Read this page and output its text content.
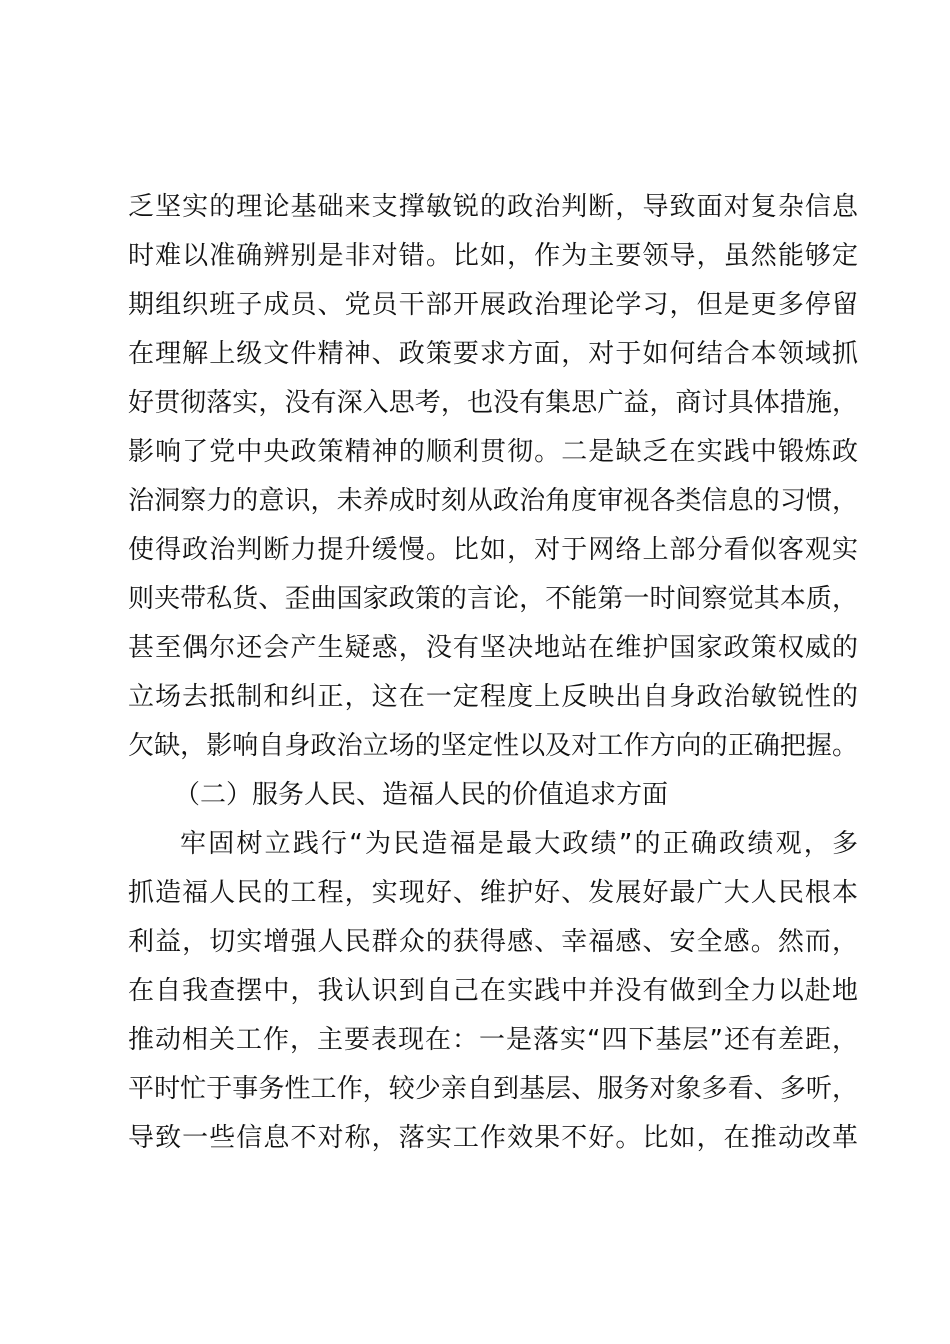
乏坚实的理论基础来支撑敏锐的政治判断，导致面对复杂信息
时难以准确辨别是非对错。比如，作为主要领导，虽然能够定
期组织班子成员、党员干部开展政治理论学习，但是更多停留
在理解上级文件精神、政策要求方面，对于如何结合本领域抓
好贯彻落实，没有深入思考，也没有集思广益，商讨具体措施，
影响了党中央政策精神的顺利贯彻。二是缺乏在实践中锻炼政
治洞察力的意识，未养成时刻从政治角度审视各类信息的习惯，
使得政治判断力提升缓慢。比如，对于网络上部分看似客观实
则夹带私货、歪曲国家政策的言论，不能第一时间察觉其本质，
甚至偶尔还会产生疑惑，没有坚决地站在维护国家政策权威的
立场去抵制和纠正，这在一定程度上反映出自身政治敏锐性的
欠缺，影响自身政治立场的坚定性以及对工作方向的正确把握。
（二）服务人民、造福人民的价值追求方面
牢固树立践行“为民造福是最大政绩”的正确政绩观，多
抓造福人民的工程，实现好、维护好、发展好最广大人民根本
利益，切实增强人民群众的获得感、幸福感、安全感。然而，
在自我查摆中，我认识到自己在实践中并没有做到全力以赴地
推动相关工作，主要表现在：一是落实“四下基层”还有差距，
平时忙于事务性工作，较少亲自到基层、服务对象多看、多听，
导致一些信息不对称，落实工作效果不好。比如，在推动改革
